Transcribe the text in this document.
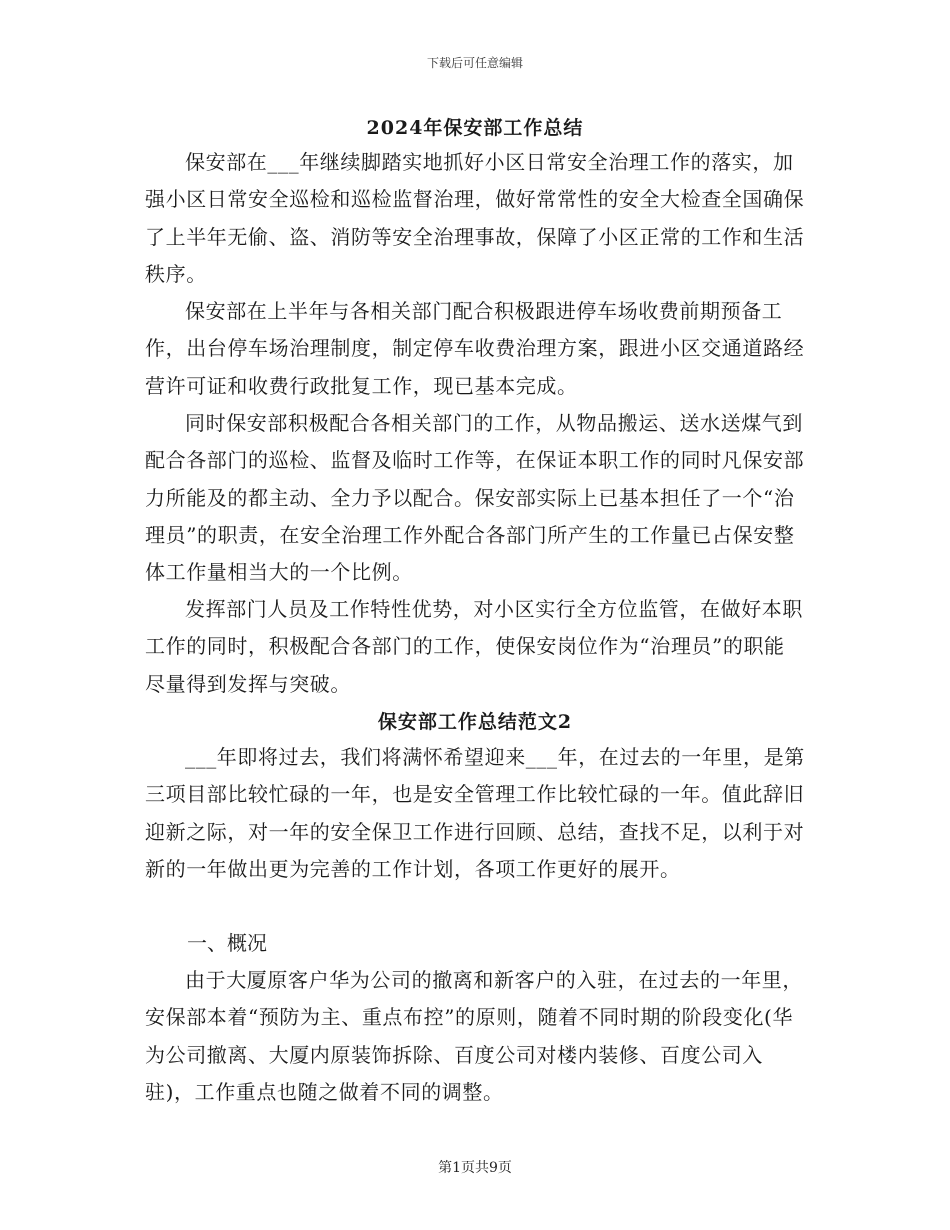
下载后可任意编辑
2024年保安部工作总结

保安部在___年继续脚踏实地抓好小区日常安全治理工作的落实，加强小区日常安全巡检和巡检监督治理，做好常常性的安全大检查全国确保了上半年无偷、盗、消防等安全治理事故，保障了小区正常的工作和生活秩序。

保安部在上半年与各相关部门配合积极跟进停车场收费前期预备工作，出台停车场治理制度，制定停车收费治理方案，跟进小区交通道路经营许可证和收费行政批复工作，现已基本完成。

同时保安部积极配合各相关部门的工作，从物品搬运、送水送煤气到配合各部门的巡检、监督及临时工作等，在保证本职工作的同时凡保安部力所能及的都主动、全力予以配合。保安部实际上已基本担任了一个“治理员”的职责，在安全治理工作外配合各部门所产生的工作量已占保安整体工作量相当大的一个比例。

发挥部门人员及工作特性优势，对小区实行全方位监管，在做好本职工作的同时，积极配合各部门的工作，使保安岗位作为“治理员”的职能尽量得到发挥与突破。

保安部工作总结范文2

___年即将过去，我们将满怀希望迎来___年，在过去的一年里，是第三项目部比较忙碌的一年，也是安全管理工作比较忙碌的一年。值此辞旧迎新之际，对一年的安全保卫工作进行回顾、总结，查找不足，以利于对新的一年做出更为完善的工作计划，各项工作更好的展开。

一、概况

由于大厦原客户华为公司的撤离和新客户的入驻，在过去的一年里，安保部本着“预防为主、重点布控”的原则，随着不同时期的阶段变化(华为公司撤离、大厦内原装饰拆除、百度公司对楼内装修、百度公司入驻)，工作重点也随之做着不同的调整。

第1页共9页
